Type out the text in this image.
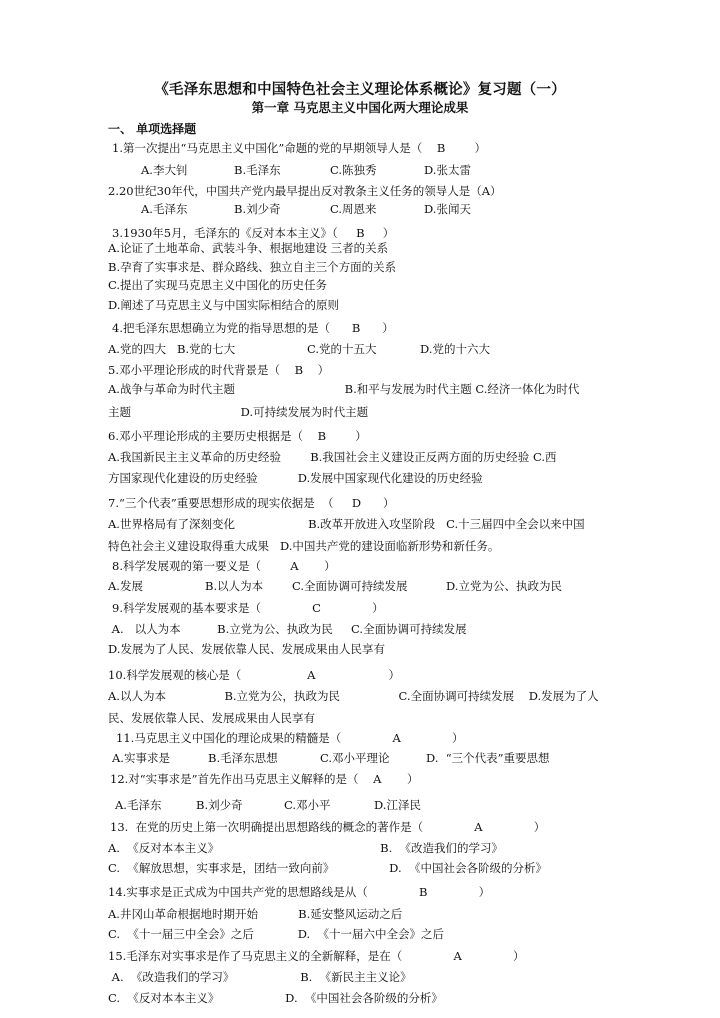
《毛泽东思想和中国特色社会主义理论体系概论》复习题（一）
第一章 马克思主义中国化两大理论成果
一、 单项选择题
1.第一次提出“马克思主义中国化”命题的党的早期领导人是（    B        ）
A.李大钊	B.毛泽东	C.陈独秀	D.张太雷
2.20世纪30年代，中国共产党内最早提出反对教条主义任务的领导人是（A）
A.毛泽东	B.刘少奇	C.周恩来	D.张闻天
3.1930年5月，毛泽东的《反对本本主义》（     B     ）
A.论证了土地革命、武装斗争、根据地建设 三者的关系
B.孕育了实事求是、群众路线、独立自主三个方面的关系
C.提出了实现马克思主义中国化的历史任务
D.阐述了马克思主义与中国实际相结合的原则
4.把毛泽东思想确立为党的指导思想的是（      B      ）
A.党的四大 B.党的七大	C.党的十五大	D.党的十六大
5.邓小平理论形成的时代背景是（    B    ）
A.战争与革命为时代主题                              B.和平与发展为时代主题 C.经济一体化为时代
主题                              D.可持续发展为时代主题
6.邓小平理论形成的主要历史根据是（    B        ）
A.我国新民主主义革命的历史经验        B.我国社会主义建设正反两方面的历史经验 C.西
方国家现代化建设的历史经验           D.发展中国家现代化建设的历史经验
7.“三个代表”重要思想形成的现实依据是  （     D      ）
A.世界格局有了深刻变化                    B.改革开放进入攻坚阶段   C.十三届四中全会以来中国
特色社会主义建设取得重大成果   D.中国共产党的建设面临新形势和新任务。
8.科学发展观的第一要义是（        A       ）
A.发展	B.以人为本	C.全面协调可持续发展	D.立党为公、执政为民
9.科学发展观的基本要求是（              C              ）
A.   以人为本          B.立党为公、执政为民     C.全面协调可持续发展
D.发展为了人民、发展依靠人民、发展成果由人民享有
10.科学发展观的核心是（                  A                    ）
A.以人为本                B.立党为公，执政为民                C.全面协调可持续发展    D.发展为了人
民、发展依靠人民、发展成果由人民享有
11.马克思主义中国化的理论成果的精髓是（              A              ）
A.实事求是	B.毛泽东思想	C.邓小平理论	D.  “三个代表”重要思想
12.对“实事求是”首先作出马克思主义解释的是（    A       ）
A.毛泽东	B.刘少奇	C.邓小平	D.江泽民
13.  在党的历史上第一次明确提出思想路线的概念的著作是（              A              ）
A.  《反对本本主义》                                            B.  《改造我们的学习》
C.  《解放思想，实事求是，团结一致向前》               D.  《中国社会各阶级的分析》
14.实事求是正式成为中国共产党的思想路线是从（              B              ）
A.井冈山革命根据地时期开始           B.延安整风运动之后
C.  《十一届三中全会》之后            D.  《十一届六中全会》之后
15.毛泽东对实事求是作了马克思主义的全新解释，是在（              A              ）
A.  《改造我们的学习》                  B.  《新民主主义论》
C.  《反对本本主义》                  D.  《中国社会各阶级的分析》
